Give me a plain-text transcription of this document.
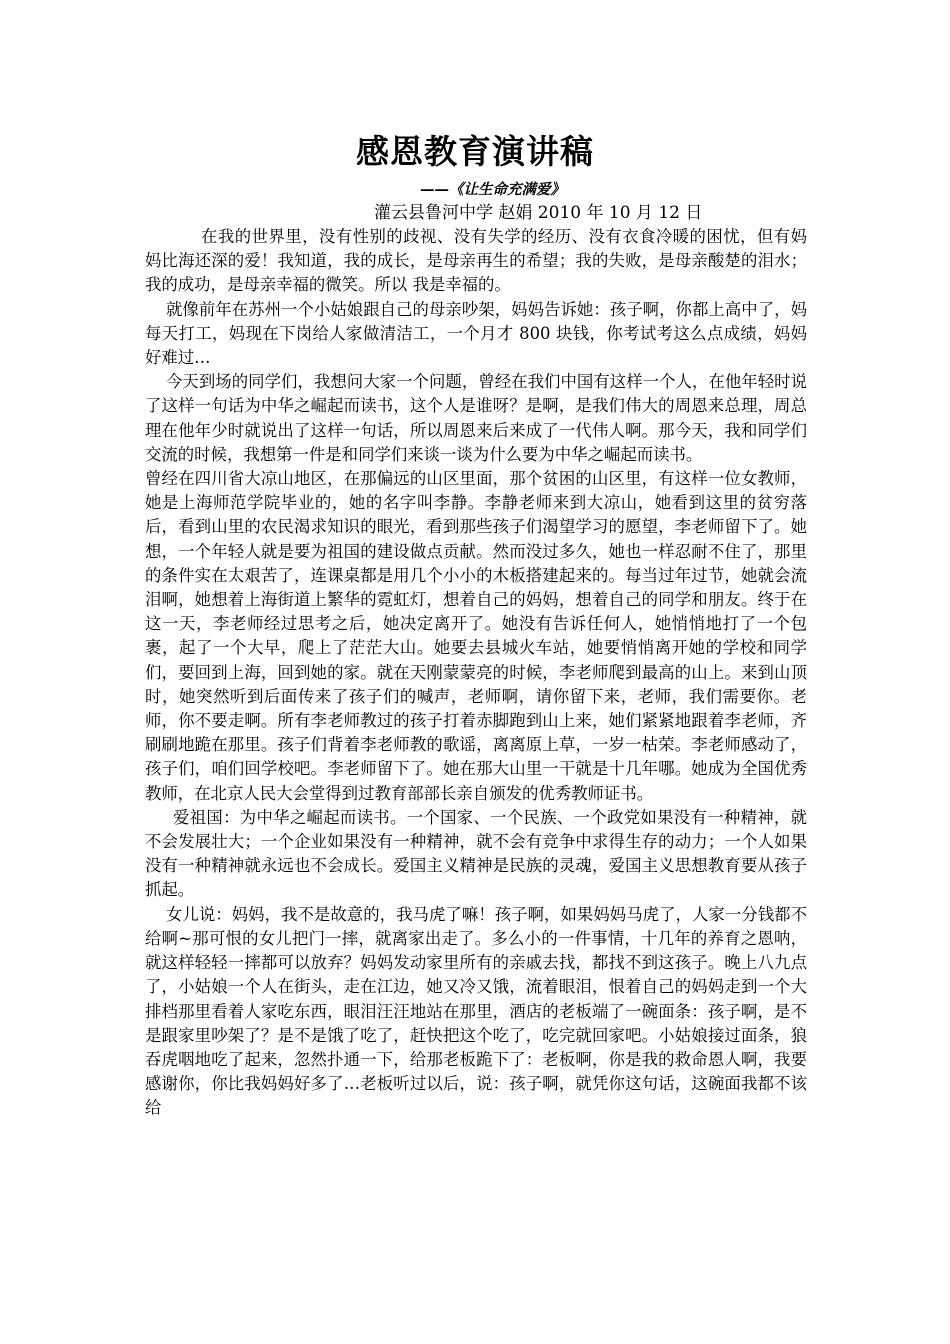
感恩教育演讲稿
——《让生命充满爱》
灌云县鲁河中学 赵娟 2010 年 10 月 12 日

在我的世界里，没有性别的歧视、没有失学的经历、没有衣食冷暖的困忧，但有妈妈比海还深的爱！我知道，我的成长，是母亲再生的希望；我的失败，是母亲酸楚的泪水；我的成功，是母亲幸福的微笑。所以 我是幸福的。

就像前年在苏州一个小姑娘跟自己的母亲吵架，妈妈告诉她：孩子啊，你都上高中了，妈每天打工，妈现在下岗给人家做清洁工，一个月才 800 块钱，你考试考这么点成绩，妈妈好难过…

今天到场的同学们，我想问大家一个问题，曾经在我们中国有这样一个人，在他年轻时说了这样一句话为中华之崛起而读书，这个人是谁呀？是啊，是我们伟大的周恩来总理，周总理在他年少时就说出了这样一句话，所以周恩来后来成了一代伟人啊。那今天，我和同学们交流的时候，我想第一件是和同学们来谈一谈为什么要为中华之崛起而读书。

曾经在四川省大凉山地区，在那偏远的山区里面，那个贫困的山区里，有这样一位女教师，她是上海师范学院毕业的，她的名字叫李静。李静老师来到大凉山，她看到这里的贫穷落后，看到山里的农民渴求知识的眼光，看到那些孩子们渴望学习的愿望，李老师留下了。她想，一个年轻人就是要为祖国的建设做点贡献。然而没过多久，她也一样忍耐不住了，那里的条件实在太艰苦了，连课桌都是用几个小小的木板搭建起来的。每当过年过节，她就会流泪啊，她想着上海街道上繁华的霓虹灯，想着自己的妈妈，想着自己的同学和朋友。终于在这一天，李老师经过思考之后，她决定离开了。她没有告诉任何人，她悄悄地打了一个包裹，起了一个大早，爬上了茫茫大山。她要去县城火车站，她要悄悄离开她的学校和同学们，要回到上海，回到她的家。就在天刚蒙蒙亮的时候，李老师爬到最高的山上。来到山顶时，她突然听到后面传来了孩子们的喊声，老师啊，请你留下来，老师，我们需要你。老师，你不要走啊。所有李老师教过的孩子打着赤脚跑到山上来，她们紧紧地跟着李老师，齐刷刷地跪在那里。孩子们背着李老师教的歌谣，离离原上草，一岁一枯荣。李老师感动了，孩子们，咱们回学校吧。李老师留下了。她在那大山里一干就是十几年哪。她成为全国优秀教师，在北京人民大会堂得到过教育部部长亲自颁发的优秀教师证书。

爱祖国：为中华之崛起而读书。一个国家、一个民族、一个政党如果没有一种精神，就不会发展壮大；一个企业如果没有一种精神，就不会有竞争中求得生存的动力；一个人如果没有一种精神就永远也不会成长。爱国主义精神是民族的灵魂，爱国主义思想教育要从孩子抓起。

女儿说：妈妈，我不是故意的，我马虎了嘛！孩子啊，如果妈妈马虎了，人家一分钱都不给啊~那可恨的女儿把门一摔，就离家出走了。多么小的一件事情，十几年的养育之恩呐，就这样轻轻一摔都可以放弃？妈妈发动家里所有的亲戚去找，都找不到这孩子。晚上八九点了，小姑娘一个人在街头，走在江边，她又冷又饿，流着眼泪，恨着自己的妈妈走到一个大排档那里看着人家吃东西，眼泪汪汪地站在那里，酒店的老板端了一碗面条：孩子啊，是不是跟家里吵架了？是不是饿了吃了，赶快把这个吃了，吃完就回家吧。小姑娘接过面条，狼吞虎咽地吃了起来，忽然扑通一下，给那老板跪下了：老板啊，你是我的救命恩人啊，我要感谢你，你比我妈妈好多了…老板听过以后，说：孩子啊，就凭你这句话，这碗面我都不该给
